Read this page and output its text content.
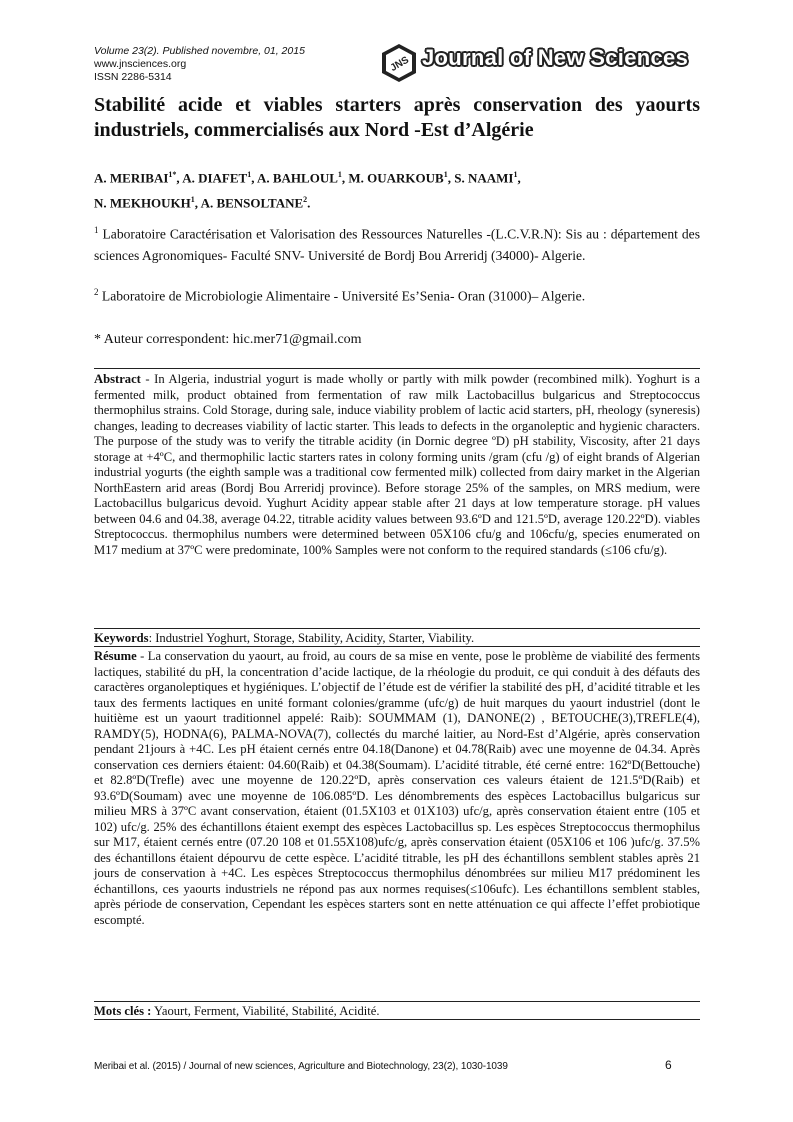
Volume 23(2). Published novembre, 01, 2015
www.jnsciences.org
ISSN 2286-5314
JNS Journal of New Sciences
Stabilité acide et viables starters après conservation des yaourts industriels, commercialisés aux Nord -Est d’Algérie
A. $MERIBAI^{1*}$, A. DIAFET$^1$, A. BAHLOUL$^1$, M. OUARKOUB$^1$, S. NAAMI$^1$,
N. MEKHOUKH$^1$, A. BENSOLTANE$^2$.
$^1$ Laboratoire Caractérisation et Valorisation des Ressources Naturelles -(L.C.V.R.N): Sis au : département des sciences Agronomiques- Faculté SNV- Université de Bordj Bou Arreridj (34000)- Algerie.
$^2$ Laboratoire de Microbiologie Alimentaire - Université Es’Senia- Oran (31000)– Algerie.
* Auteur correspondent: hic.mer71@gmail.com
Abstract - In Algeria, industrial yogurt is made wholly or partly with milk powder (recombined milk). Yoghurt is a fermented milk, product obtained from fermentation of raw milk Lactobacillus bulgaricus and Streptococcus thermophilus strains. Cold Storage, during sale, induce viability problem of lactic acid starters, pH, rheology (syneresis) changes, leading to decreases viability of lactic starter. This leads to defects in the organoleptic and hygienic characters. The purpose of the study was to verify the titrable acidity (in Dornic degree ºD) pH stability, Viscosity, after 21 days storage at +4ºC, and thermophilic lactic starters rates in colony forming units /gram (cfu /g) of eight brands of Algerian industrial yogurts (the eighth sample was a traditional cow fermented milk) collected from dairy market in the Algerian NorthEastern arid areas (Bordj Bou Arreridj province). Before storage 25% of the samples, on MRS medium, were Lactobacillus bulgaricus devoid. Yughurt Acidity appear stable after 21 days at low temperature storage. pH values between 04.6 and 04.38, average 04.22, titrable acidity values between 93.6ºD and 121.5ºD, average 120.22ºD). viables Streptococcus. thermophilus numbers were determined between 05X106 cfu/g and 106cfu/g, species enumerated on M17 medium at 37ºC were predominate, 100% Samples were not conform to the required standards (≤106 cfu/g).
Keywords: Industriel Yoghurt, Storage, Stability, Acidity, Starter, Viability.
Résume - La conservation du yaourt, au froid, au cours de sa mise en vente, pose le problème de viabilité des ferments lactiques, stabilité du pH, la concentration d’acide lactique, de la rhéologie du produit, ce qui conduit à des défauts des caractères organoleptiques et hygiéniques. L’objectif de l’étude est de vérifier la stabilité des pH, d’acidité titrable et les taux des ferments lactiques en unité formant colonies/gramme (ufc/g) de huit marques du yaourt industriel (dont le huitième est un yaourt traditionnel appelé: Raib): SOUMMAM (1), DANONE(2) , BETOUCHE(3),TREFLE(4), RAMDY(5), HODNA(6), PALMA-NOVA(7), collectés du marché laitier, au Nord-Est d’Algérie, après conservation pendant 21jours à +4C. Les pH étaient cernés entre 04.18(Danone) et 04.78(Raib) avec une moyenne de 04.34. Après conservation ces derniers étaient: 04.60(Raib) et 04.38(Soumam). L’acidité titrable, été cerné entre: 162ºD(Bettouche) et 82.8ºD(Trefle) avec une moyenne de 120.22ºD, après conservation ces valeurs étaient de 121.5ºD(Raib) et 93.6ºD(Soumam) avec une moyenne de 106.085ºD. Les dénombrements des espèces Lactobacillus bulgaricus sur milieu MRS à 37ºC avant conservation, étaient (01.5X103 et 01X103) ufc/g, après conservation étaient entre (105 et 102) ufc/g. 25% des échantillons étaient exempt des espèces Lactobacillus sp. Les espèces Streptococcus thermophilus sur M17, étaient cernés entre (07.20 108 et 01.55X108)ufc/g, après conservation étaient (05X106 et 106 )ufc/g. 37.5% des échantillons étaient dépourvu de cette espèce. L’acidité titrable, les pH des échantillons semblent stables après 21 jours de conservation à +4C. Les espèces Streptococcus thermophilus dénombrées sur milieu M17 prédominent les échantillons, ces yaourts industriels ne répond pas aux normes requises(≤106ufc). Les échantillons semblent stables, après période de conservation, Cependant les espèces starters sont en nette atténuation ce qui affecte l’effet probiotique escompté.
Mots clés : Yaourt, Ferment, Viabilité, Stabilité, Acidité.
Meribai et al. (2015) / Journal of new sciences, Agriculture and Biotechnology, 23(2), 1030-1039	6
